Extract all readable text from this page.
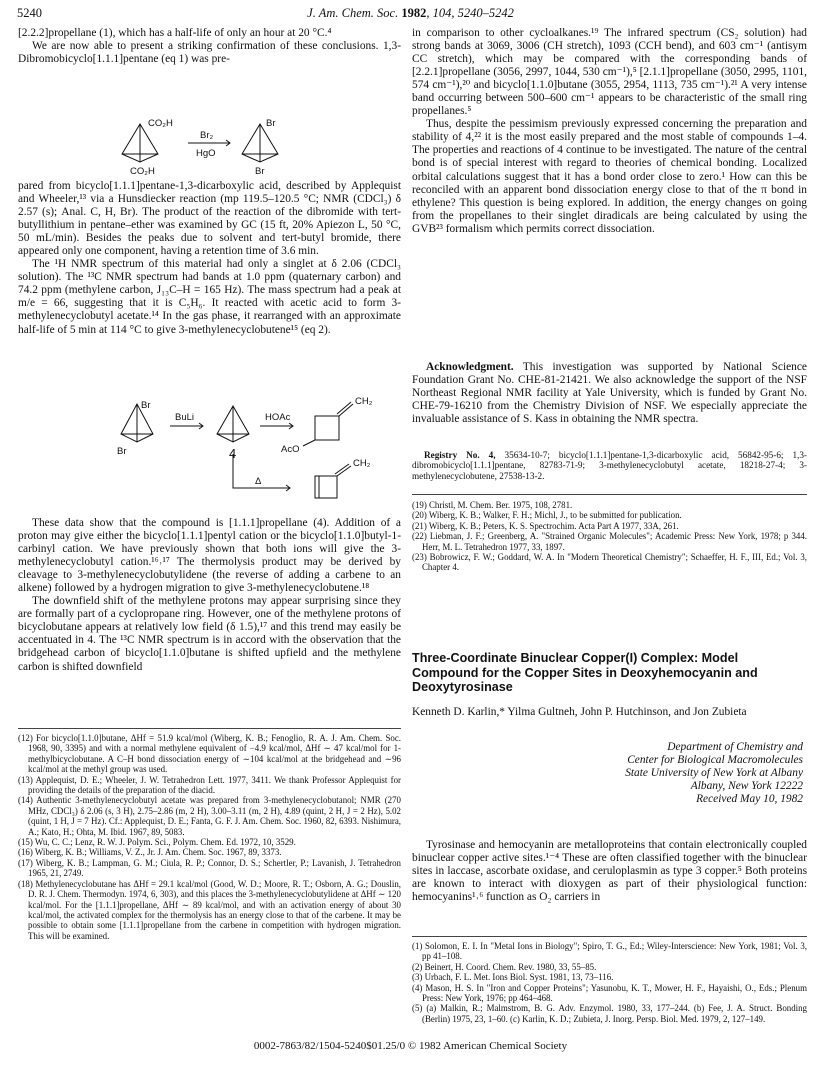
5240	J. Am. Chem. Soc. 1982, 104, 5240–5242

[2.2.2]propellane (1), which has a half-life of only an hour at 20 °C.⁴

We are now able to present a striking confirmation of these conclusions. 1,3-Dibromobicyclo[1.1.1]pentane (eq 1) was pre-

CO₂H
CO₂H
Br₂
HgO
Br
Br

pared from bicyclo[1.1.1]pentane-1,3-dicarboxylic acid, described by Applequist and Wheeler,¹³ via a Hunsdiecker reaction (mp 119.5–120.5 °C; NMR (CDCl₃) δ 2.57 (s); Anal. C, H, Br). The product of the reaction of the dibromide with tert-butyllithium in pentane–ether was examined by GC (15 ft, 20% Apiezon L, 50 °C, 50 mL/min). Besides the peaks due to solvent and tert-butyl bromide, there appeared only one component, having a retention time of 3.6 min.

The ¹H NMR spectrum of this material had only a singlet at δ 2.06 (CDCl₃ solution). The ¹³C NMR spectrum had bands at 1.0 ppm (quaternary carbon) and 74.2 ppm (methylene carbon, J₁₃C–H = 165 Hz). The mass spectrum had a peak at m/e = 66, suggesting that it is C₅H₆. It reacted with acetic acid to form 3-methylenecyclobutyl acetate.¹⁴ In the gas phase, it rearranged with an approximate half-life of 5 min at 114 °C to give 3-methylenecyclobutene¹⁵ (eq 2).

Br
Br
BuLi	HOAc
4
CH₂
AcO
Δ
CH₂

These data show that the compound is [1.1.1]propellane (4). Addition of a proton may give either the bicyclo[1.1.1]pentyl cation or the bicyclo[1.1.0]butyl-1-carbinyl cation. We have previously shown that both ions will give the 3-methylenecyclobutyl cation.¹⁶˒¹⁷ The thermolysis product may be derived by cleavage to 3-methylenecyclobutylidene (the reverse of adding a carbene to an alkene) followed by a hydrogen migration to give 3-methylenecyclobutene.¹⁸

The downfield shift of the methylene protons may appear surprising since they are formally part of a cyclopropane ring. However, one of the methylene protons of bicyclobutane appears at relatively low field (δ 1.5),¹⁷ and this trend may easily be accentuated in 4. The ¹³C NMR spectrum is in accord with the observation that the bridgehead carbon of bicyclo[1.1.0]butane is shifted upfield and the methylene carbon is shifted downfield

(12) For bicyclo[1.1.0]butane, ΔHf = 51.9 kcal/mol (Wiberg, K. B.; Fenoglio, R. A. J. Am. Chem. Soc. 1968, 90, 3395) and with a normal methylene equivalent of −4.9 kcal/mol, ΔHf ∼ 47 kcal/mol for 1-methylbicyclobutane. A C–H bond dissociation energy of ∼104 kcal/mol at the bridgehead and ∼96 kcal/mol at the methyl group was used.

(13) Applequist, D. E.; Wheeler, J. W. Tetrahedron Lett. 1977, 3411. We thank Professor Applequist for providing the details of the preparation of the diacid.

(14) Authentic 3-methylenecyclobutyl acetate was prepared from 3-methylenecyclobutanol; NMR (270 MHz, CDCl₃) δ 2.06 (s, 3 H), 2.75–2.86 (m, 2 H), 3.00–3.11 (m, 2 H), 4.89 (quint, 2 H, J = 2 Hz), 5.02 (quint, 1 H, J = 7 Hz). Cf.: Applequist, D. E.; Fanta, G. F. J. Am. Chem. Soc. 1960, 82, 6393. Nishimura, A.; Kato, H.; Ohta, M. Ibid. 1967, 89, 5083.

(15) Wu, C. C.; Lenz, R. W. J. Polym. Sci., Polym. Chem. Ed. 1972, 10, 3529.

(16) Wiberg, K. B.; Williams, V. Z., Jr. J. Am. Chem. Soc. 1967, 89, 3373.

(17) Wiberg, K. B.; Lampman, G. M.; Ciula, R. P.; Connor, D. S.; Schertler, P.; Lavanish, J. Tetrahedron 1965, 21, 2749.

(18) Methylenecyclobutane has ΔHf = 29.1 kcal/mol (Good, W. D.; Moore, R. T.; Osborn, A. G.; Douslin, D. R. J. Chem. Thermodyn. 1974, 6, 303), and this places the 3-methylenecyclobutylidene at ΔHf ∼ 120 kcal/mol. For the [1.1.1]propellane, ΔHf ∼ 89 kcal/mol, and with an activation energy of about 30 kcal/mol, the activated complex for the thermolysis has an energy close to that of the carbene. It may be possible to obtain some [1.1.1]propellane from the carbene in competition with hydrogen migration. This will be examined.

in comparison to other cycloalkanes.¹⁹ The infrared spectrum (CS₂ solution) had strong bands at 3069, 3006 (CH stretch), 1093 (CCH bend), and 603 cm⁻¹ (antisym CC stretch), which may be compared with the corresponding bands of [2.2.1]propellane (3056, 2997, 1044, 530 cm⁻¹),⁵ [2.1.1]propellane (3050, 2995, 1101, 574 cm⁻¹),²⁰ and bicyclo[1.1.0]butane (3055, 2954, 1113, 735 cm⁻¹).²¹ A very intense band occurring between 500–600 cm⁻¹ appears to be characteristic of the small ring propellanes.⁵

Thus, despite the pessimism previously expressed concerning the preparation and stability of 4,²² it is the most easily prepared and the most stable of compounds 1–4. The properties and reactions of 4 continue to be investigated. The nature of the central bond is of special interest with regard to theories of chemical bonding. Localized orbital calculations suggest that it has a bond order close to zero.¹ How can this be reconciled with an apparent bond dissociation energy close to that of the π bond in ethylene? This question is being explored. In addition, the energy changes on going from the propellanes to their singlet diradicals are being calculated by using the GVB²³ formalism which permits correct dissociation.

Acknowledgment. This investigation was supported by National Science Foundation Grant No. CHE-81-21421. We also acknowledge the support of the NSF Northeast Regional NMR facility at Yale University, which is funded by Grant No. CHE-79-16210 from the Chemistry Division of NSF. We especially appreciate the invaluable assistance of S. Kass in obtaining the NMR spectra.

Registry No. 4, 35634-10-7; bicyclo[1.1.1]pentane-1,3-dicarboxylic acid, 56842-95-6; 1,3-dibromobicyclo[1.1.1]pentane, 82783-71-9; 3-methylenecyclobutyl acetate, 18218-27-4; 3-methylenecyclobutene, 27538-13-2.

(19) Christl, M. Chem. Ber. 1975, 108, 2781.

(20) Wiberg, K. B.; Walker, F. H.; Michl, J., to be submitted for publication.

(21) Wiberg, K. B.; Peters, K. S. Spectrochim. Acta Part A 1977, 33A, 261.

(22) Liebman, J. F.; Greenberg, A. "Strained Organic Molecules"; Academic Press: New York, 1978; p 344. Herr, M. L. Tetrahedron 1977, 33, 1897.

(23) Bobrowicz, F. W.; Goddard, W. A. In "Modern Theoretical Chemistry"; Schaeffer, H. F., III, Ed.; Vol. 3, Chapter 4.

Three-Coordinate Binuclear Copper(I) Complex: Model Compound for the Copper Sites in Deoxyhemocyanin and Deoxytyrosinase
Kenneth D. Karlin,* Yilma Gultneh, John P. Hutchinson, and Jon Zubieta
Department of Chemistry and
Center for Biological Macromolecules
State University of New York at Albany
Albany, New York 12222
Received May 10, 1982

Tyrosinase and hemocyanin are metalloproteins that contain electronically coupled binuclear copper active sites.¹⁻⁴ These are often classified together with the binuclear sites in laccase, ascorbate oxidase, and ceruloplasmin as type 3 copper.⁵ Both proteins are known to interact with dioxygen as part of their physiological function: hemocyanins¹˒⁶ function as O₂ carriers in

(1) Solomon, E. I. In "Metal Ions in Biology"; Spiro, T. G., Ed.; Wiley-Interscience: New York, 1981; Vol. 3, pp 41–108.

(2) Beinert, H. Coord. Chem. Rev. 1980, 33, 55–85.

(3) Urbach, F. L. Met. Ions Biol. Syst. 1981, 13, 73–116.

(4) Mason, H. S. In "Iron and Copper Proteins"; Yasunobu, K. T., Mower, H. F., Hayaishi, O., Eds.; Plenum Press: New York, 1976; pp 464–468.

(5) (a) Malkin, R.; Malmstrom, B. G. Adv. Enzymol. 1980, 33, 177–244. (b) Fee, J. A. Struct. Bonding (Berlin) 1975, 23, 1–60. (c) Karlin, K. D.; Zubieta, J. Inorg. Persp. Biol. Med. 1979, 2, 127–149.

0002-7863/82/1504-5240$01.25/0 © 1982 American Chemical Society
